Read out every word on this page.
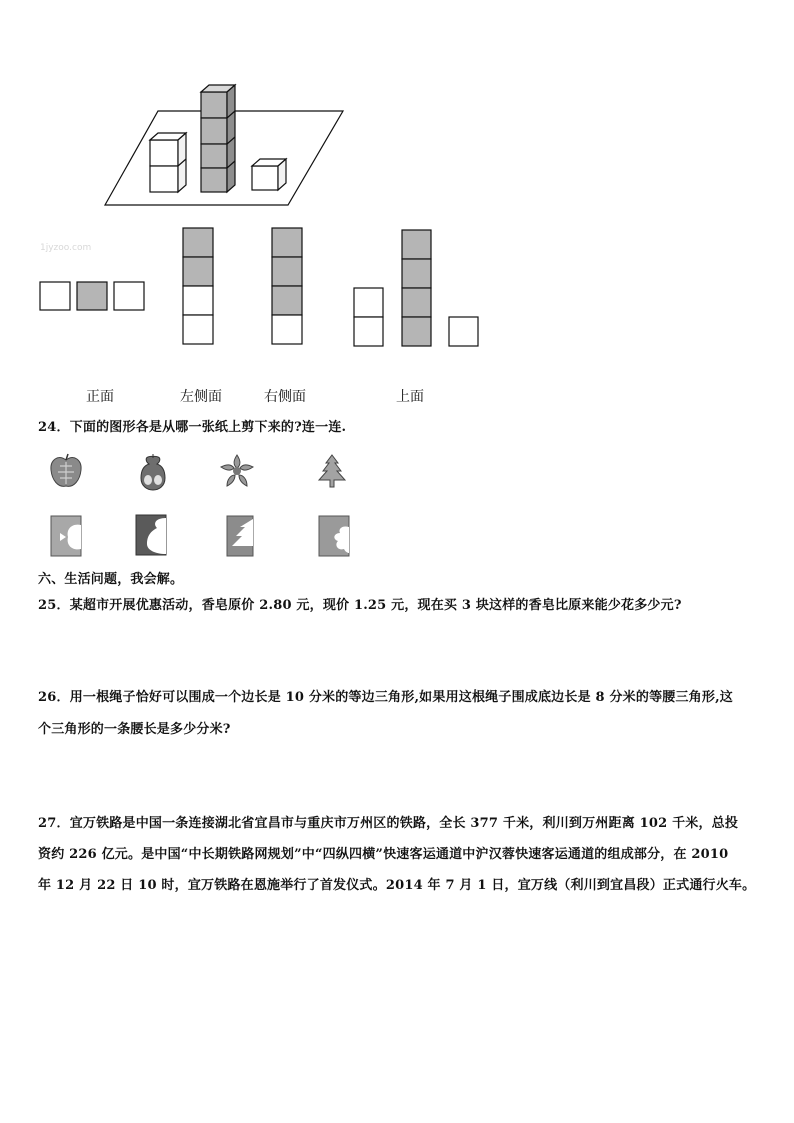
1jyzoo.com
正面	左侧面	右侧面	上面
24．下面的图形各是从哪一张纸上剪下来的?连一连.
六、生活问题，我会解。
25．某超市开展优惠活动，香皂原价 2.80 元，现价 1.25 元，现在买 3 块这样的香皂比原来能少花多少元?
26．用一根绳子恰好可以围成一个边长是 10 分米的等边三角形,如果用这根绳子围成底边长是 8 分米的等腰三角形,这
个三角形的一条腰长是多少分米?
27．宜万铁路是中国一条连接湖北省宜昌市与重庆市万州区的铁路，全长 377 千米，利川到万州距离 102 千米，总投
资约 226 亿元。是中国“中长期铁路网规划”中“四纵四横”快速客运通道中沪汉蓉快速客运通道的组成部分，在 2010
年 12 月 22 日 10 时，宜万铁路在恩施举行了首发仪式。2014 年 7 月 1 日，宜万线（利川到宜昌段）正式通行火车。
